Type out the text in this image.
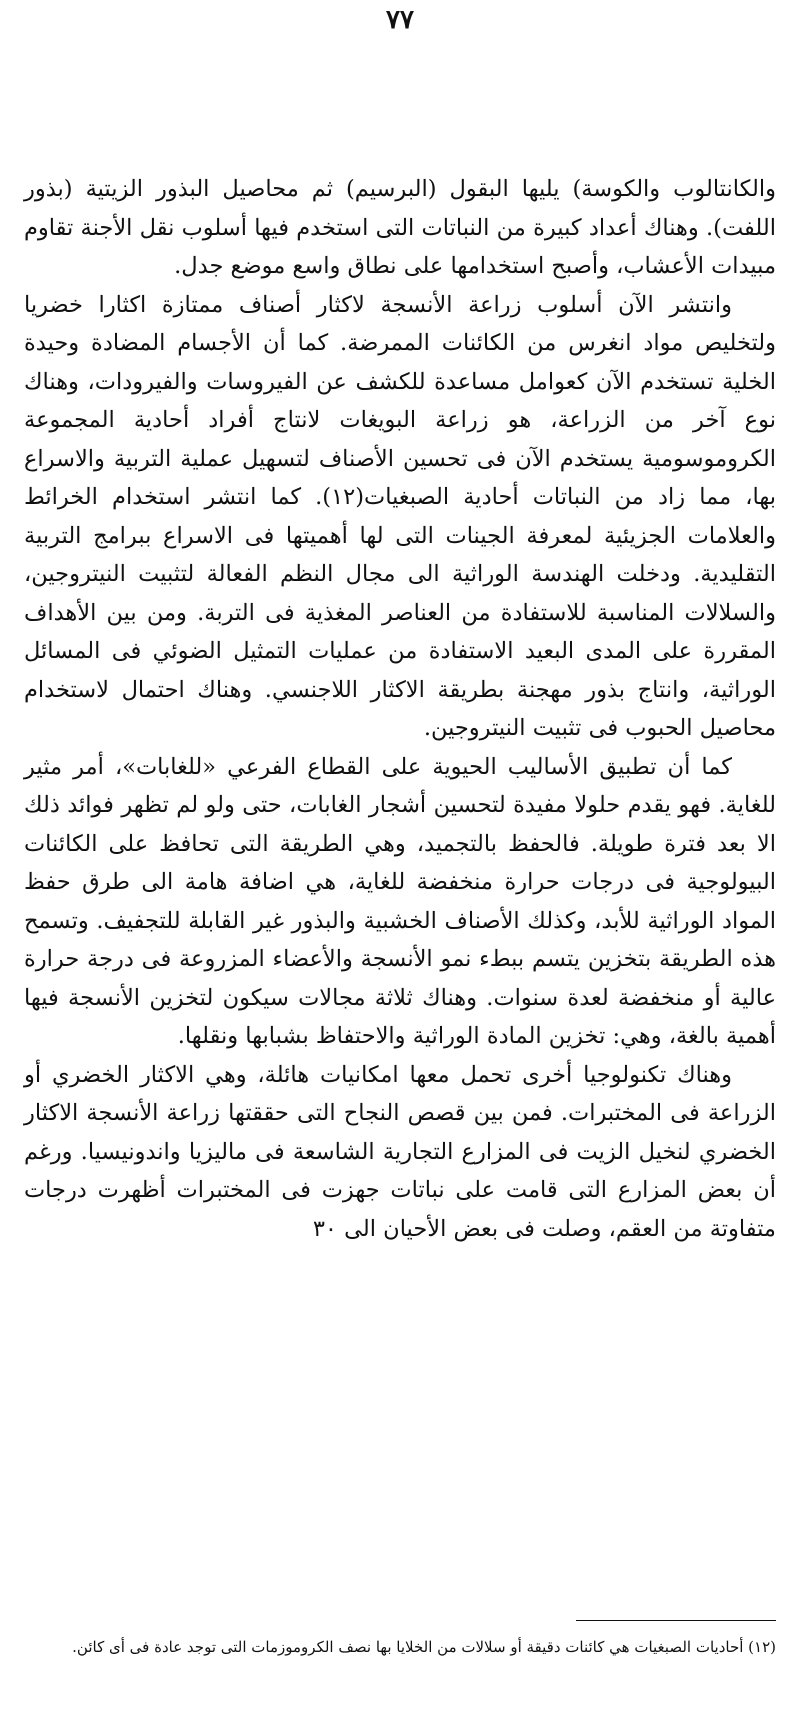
٧٧

والكانتالوب والكوسة) يليها البقول (البرسيم) ثم محاصيل البذور الزيتية (بذور اللفت). وهناك أعداد كبيرة من النباتات التى استخدم فيها أسلوب نقل الأجنة تقاوم مبيدات الأعشاب، وأصبح استخدامها على نطاق واسع موضع جدل.

وانتشر الآن أسلوب زراعة الأنسجة لاكثار أصناف ممتازة اكثارا خضريا ولتخليص مواد انغرس من الكائنات الممرضة. كما أن الأجسام المضادة وحيدة الخلية تستخدم الآن كعوامل مساعدة للكشف عن الفيروسات والفيرودات، وهناك نوع آخر من الزراعة، هو زراعة البويغات لانتاج أفراد أحادية المجموعة الكروموسومية يستخدم الآن فى تحسين الأصناف لتسهيل عملية التربية والاسراع بها، مما زاد من النباتات أحادية الصبغيات(١٢). كما انتشر استخدام الخرائط والعلامات الجزيئية لمعرفة الجينات التى لها أهميتها فى الاسراع ببرامج التربية التقليدية. ودخلت الهندسة الوراثية الى مجال النظم الفعالة لتثبيت النيتروجين، والسلالات المناسبة للاستفادة من العناصر المغذية فى التربة. ومن بين الأهداف المقررة على المدى البعيد الاستفادة من عمليات التمثيل الضوئي فى المسائل الوراثية، وانتاج بذور مهجنة بطريقة الاكثار اللاجنسي. وهناك احتمال لاستخدام محاصيل الحبوب فى تثبيت النيتروجين.

كما أن تطبيق الأساليب الحيوية على القطاع الفرعي «للغابات»، أمر مثير للغاية. فهو يقدم حلولا مفيدة لتحسين أشجار الغابات، حتى ولو لم تظهر فوائد ذلك الا بعد فترة طويلة. فالحفظ بالتجميد، وهي الطريقة التى تحافظ على الكائنات البيولوجية فى درجات حرارة منخفضة للغاية، هي اضافة هامة الى طرق حفظ المواد الوراثية للأبد، وكذلك الأصناف الخشبية والبذور غير القابلة للتجفيف. وتسمح هذه الطريقة بتخزين يتسم ببطء نمو الأنسجة والأعضاء المزروعة فى درجة حرارة عالية أو منخفضة لعدة سنوات. وهناك ثلاثة مجالات سيكون لتخزين الأنسجة فيها أهمية بالغة، وهي: تخزين المادة الوراثية والاحتفاظ بشبابها ونقلها.

وهناك تكنولوجيا أخرى تحمل معها امكانيات هائلة، وهي الاكثار الخضري أو الزراعة فى المختبرات. فمن بين قصص النجاح التى حققتها زراعة الأنسجة الاكثار الخضري لنخيل الزيت فى المزارع التجارية الشاسعة فى ماليزيا واندونيسيا. ورغم أن بعض المزارع التى قامت على نباتات جهزت فى المختبرات أظهرت درجات متفاوتة من العقم، وصلت فى بعض الأحيان الى ٣٠

(١٢) أحاديات الصبغيات هي كائنات دقيقة أو سلالات من الخلايا بها نصف الكروموزمات التى توجد عادة فى أى كائن.
